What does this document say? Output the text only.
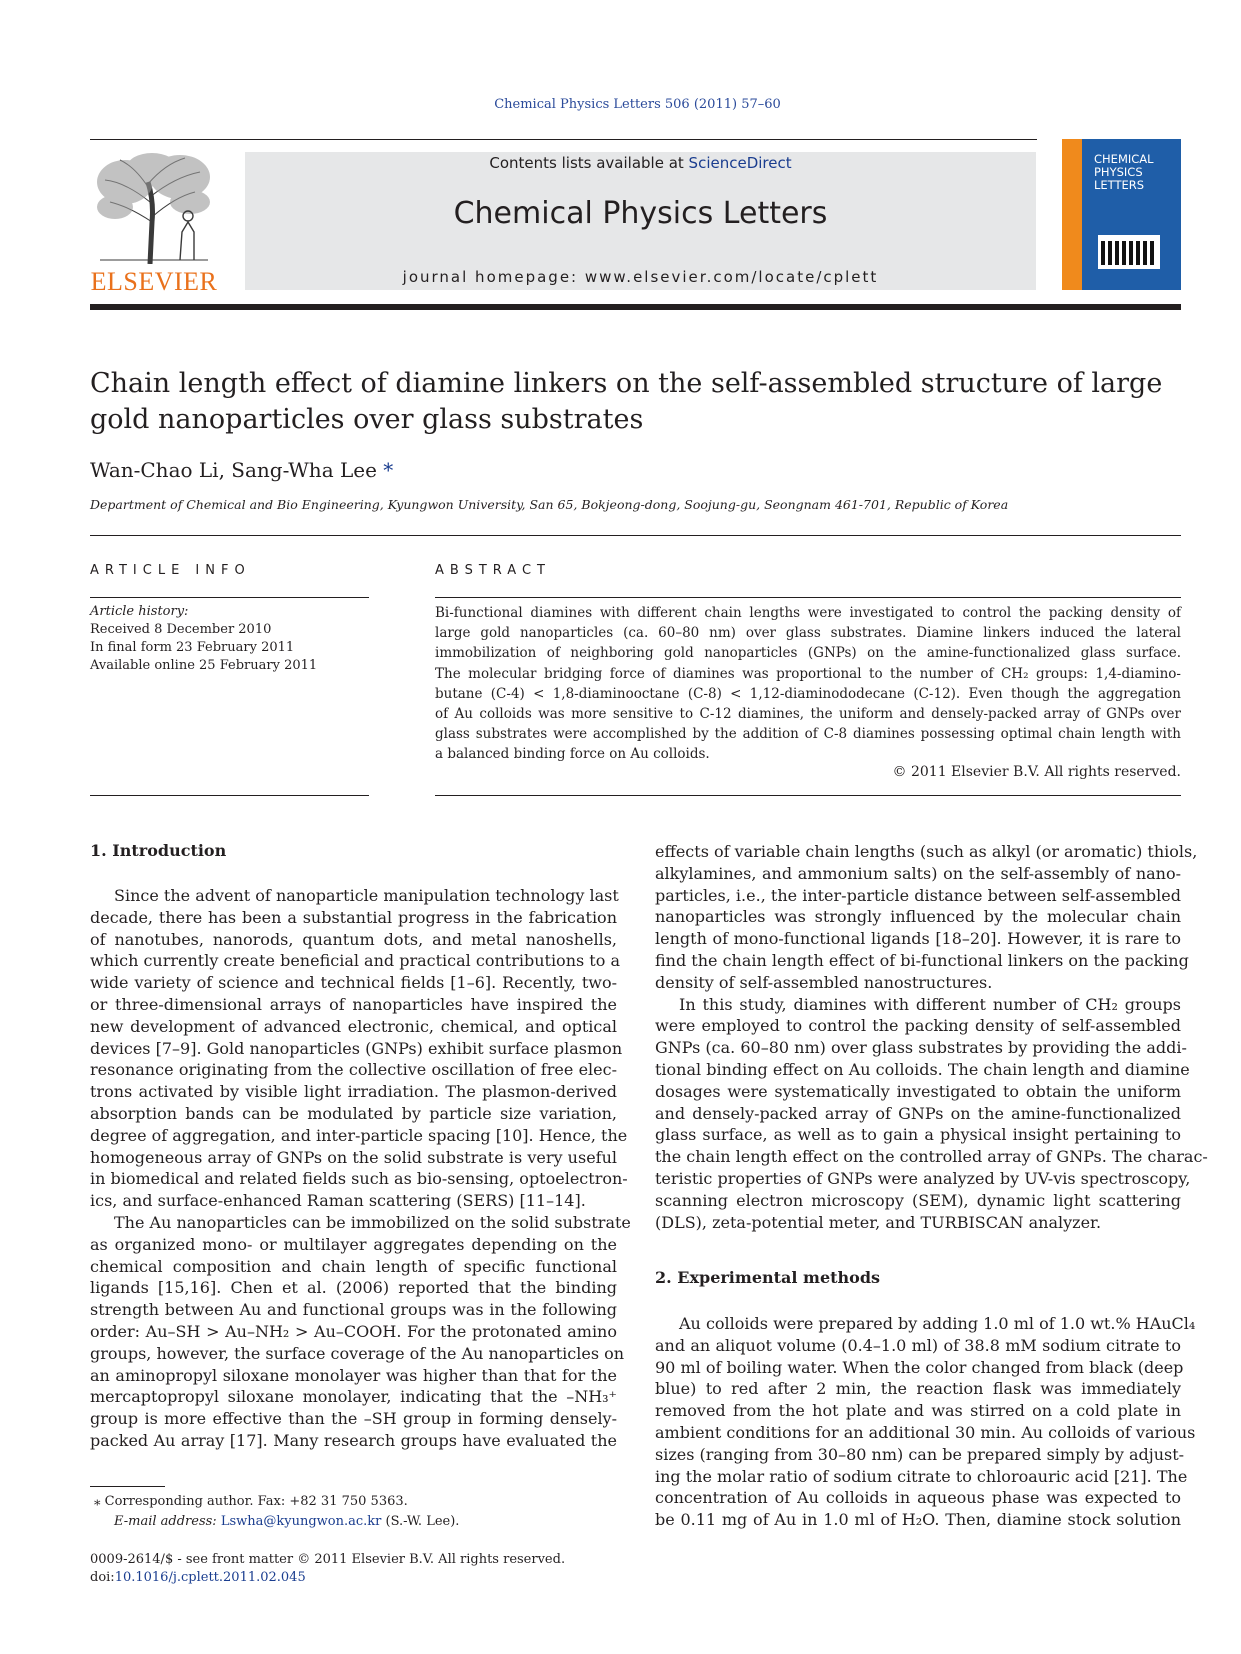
Chemical Physics Letters 506 (2011) 57–60
ELSEVIER
Contents lists available at ScienceDirect
Chemical Physics Letters
journal homepage: www.elsevier.com/locate/cplett
CHEMICAL
PHYSICS
LETTERS
Chain length effect of diamine linkers on the self-assembled structure of large
gold nanoparticles over glass substrates
Wan-Chao Li, Sang-Wha Lee *
Department of Chemical and Bio Engineering, Kyungwon University, San 65, Bokjeong-dong, Soojung-gu, Seongnam 461-701, Republic of Korea
ARTICLE INFO	ABSTRACT
Article history:
Received 8 December 2010
In final form 23 February 2011
Available online 25 February 2011
Bi-functional diamines with different chain lengths were investigated to control the packing density of
large gold nanoparticles (ca. 60–80 nm) over glass substrates. Diamine linkers induced the lateral
immobilization of neighboring gold nanoparticles (GNPs) on the amine-functionalized glass surface.
The molecular bridging force of diamines was proportional to the number of CH₂ groups: 1,4-diamino-
butane (C-4) < 1,8-diaminooctane (C-8) < 1,12-diaminododecane (C-12). Even though the aggregation
of Au colloids was more sensitive to C-12 diamines, the uniform and densely-packed array of GNPs over
glass substrates were accomplished by the addition of C-8 diamines possessing optimal chain length with
a balanced binding force on Au colloids.
© 2011 Elsevier B.V. All rights reserved.
1. Introduction
Since the advent of nanoparticle manipulation technology last
decade, there has been a substantial progress in the fabrication
of nanotubes, nanorods, quantum dots, and metal nanoshells,
which currently create beneficial and practical contributions to a
wide variety of science and technical fields [1–6]. Recently, two-
or three-dimensional arrays of nanoparticles have inspired the
new development of advanced electronic, chemical, and optical
devices [7–9]. Gold nanoparticles (GNPs) exhibit surface plasmon
resonance originating from the collective oscillation of free elec-
trons activated by visible light irradiation. The plasmon-derived
absorption bands can be modulated by particle size variation,
degree of aggregation, and inter-particle spacing [10]. Hence, the
homogeneous array of GNPs on the solid substrate is very useful
in biomedical and related fields such as bio-sensing, optoelectron-
ics, and surface-enhanced Raman scattering (SERS) [11–14].
The Au nanoparticles can be immobilized on the solid substrate
as organized mono- or multilayer aggregates depending on the
chemical composition and chain length of specific functional
ligands [15,16]. Chen et al. (2006) reported that the binding
strength between Au and functional groups was in the following
order: Au–SH > Au–NH₂ > Au–COOH. For the protonated amino
groups, however, the surface coverage of the Au nanoparticles on
an aminopropyl siloxane monolayer was higher than that for the
mercaptopropyl siloxane monolayer, indicating that the –NH₃⁺
group is more effective than the –SH group in forming densely-
packed Au array [17]. Many research groups have evaluated the
effects of variable chain lengths (such as alkyl (or aromatic) thiols,
alkylamines, and ammonium salts) on the self-assembly of nano-
particles, i.e., the inter-particle distance between self-assembled
nanoparticles was strongly influenced by the molecular chain
length of mono-functional ligands [18–20]. However, it is rare to
find the chain length effect of bi-functional linkers on the packing
density of self-assembled nanostructures.
In this study, diamines with different number of CH₂ groups
were employed to control the packing density of self-assembled
GNPs (ca. 60–80 nm) over glass substrates by providing the addi-
tional binding effect on Au colloids. The chain length and diamine
dosages were systematically investigated to obtain the uniform
and densely-packed array of GNPs on the amine-functionalized
glass surface, as well as to gain a physical insight pertaining to
the chain length effect on the controlled array of GNPs. The charac-
teristic properties of GNPs were analyzed by UV-vis spectroscopy,
scanning electron microscopy (SEM), dynamic light scattering
(DLS), zeta-potential meter, and TURBISCAN analyzer.
2. Experimental methods
Au colloids were prepared by adding 1.0 ml of 1.0 wt.% HAuCl₄
and an aliquot volume (0.4–1.0 ml) of 38.8 mM sodium citrate to
90 ml of boiling water. When the color changed from black (deep
blue) to red after 2 min, the reaction flask was immediately
removed from the hot plate and was stirred on a cold plate in
ambient conditions for an additional 30 min. Au colloids of various
sizes (ranging from 30–80 nm) can be prepared simply by adjust-
ing the molar ratio of sodium citrate to chloroauric acid [21]. The
concentration of Au colloids in aqueous phase was expected to
be 0.11 mg of Au in 1.0 ml of H₂O. Then, diamine stock solution
⁎ Corresponding author. Fax: +82 31 750 5363.
E-mail address: Lswha@kyungwon.ac.kr (S.-W. Lee).
0009-2614/$ - see front matter © 2011 Elsevier B.V. All rights reserved.
doi:10.1016/j.cplett.2011.02.045
